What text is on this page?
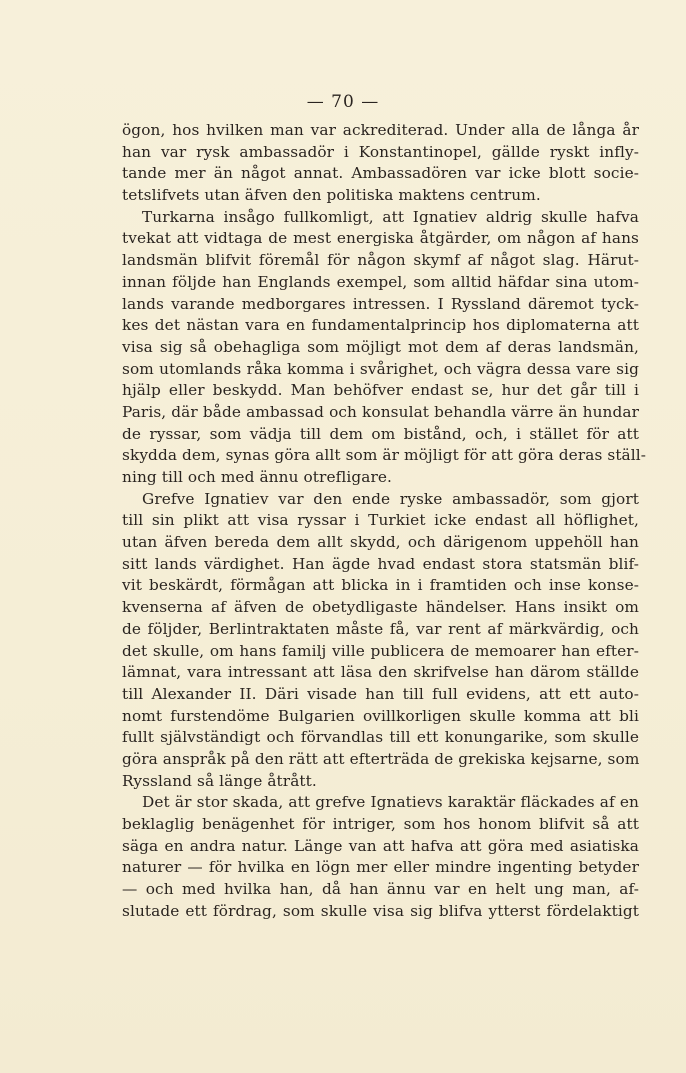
— 70 —
ögon, hos hvilken man var ackrediterad. Under alla de långa år
han var rysk ambassadör i Konstantinopel, gällde ryskt infly-
tande mer än något annat. Ambassadören var icke blott socie-
tetslifvets utan äfven den politiska maktens centrum.
Turkarna insågo fullkomligt, att Ignatiev aldrig skulle hafva
tvekat att vidtaga de mest energiska åtgärder, om någon af hans
landsmän blifvit föremål för någon skymf af något slag. Härut-
innan följde han Englands exempel, som alltid häfdar sina utom-
lands varande medborgares intressen. I Ryssland däremot tyck-
kes det nästan vara en fundamentalprincip hos diplomaterna att
visa sig så obehagliga som möjligt mot dem af deras landsmän,
som utomlands råka komma i svårighet, och vägra dessa vare sig
hjälp eller beskydd. Man behöfver endast se, hur det går till i
Paris, där både ambassad och konsulat behandla värre än hundar
de ryssar, som vädja till dem om bistånd, och, i stället för att
skydda dem, synas göra allt som är möjligt för att göra deras ställ-
ning till och med ännu otrefligare.
Grefve Ignatiev var den ende ryske ambassadör, som gjort
till sin plikt att visa ryssar i Turkiet icke endast all höflighet,
utan äfven bereda dem allt skydd, och därigenom uppehöll han
sitt lands värdighet. Han ägde hvad endast stora statsmän blif-
vit beskärdt, förmågan att blicka in i framtiden och inse konse-
kvenserna af äfven de obetydligaste händelser. Hans insikt om
de följder, Berlintraktaten måste få, var rent af märkvärdig, och
det skulle, om hans familj ville publicera de memoarer han efter-
lämnat, vara intressant att läsa den skrifvelse han därom ställde
till Alexander II. Däri visade han till full evidens, att ett auto-
nomt furstendöme Bulgarien ovillkorligen skulle komma att bli
fullt självständigt och förvandlas till ett konungarike, som skulle
göra anspråk på den rätt att efterträda de grekiska kejsarne, som
Ryssland så länge åtrått.
Det är stor skada, att grefve Ignatievs karaktär fläckades af en
beklaglig benägenhet för intriger, som hos honom blifvit så att
säga en andra natur. Länge van att hafva att göra med asiatiska
naturer — för hvilka en lögn mer eller mindre ingenting betyder
— och med hvilka han, då han ännu var en helt ung man, af-
slutade ett fördrag, som skulle visa sig blifva ytterst fördelaktigt
